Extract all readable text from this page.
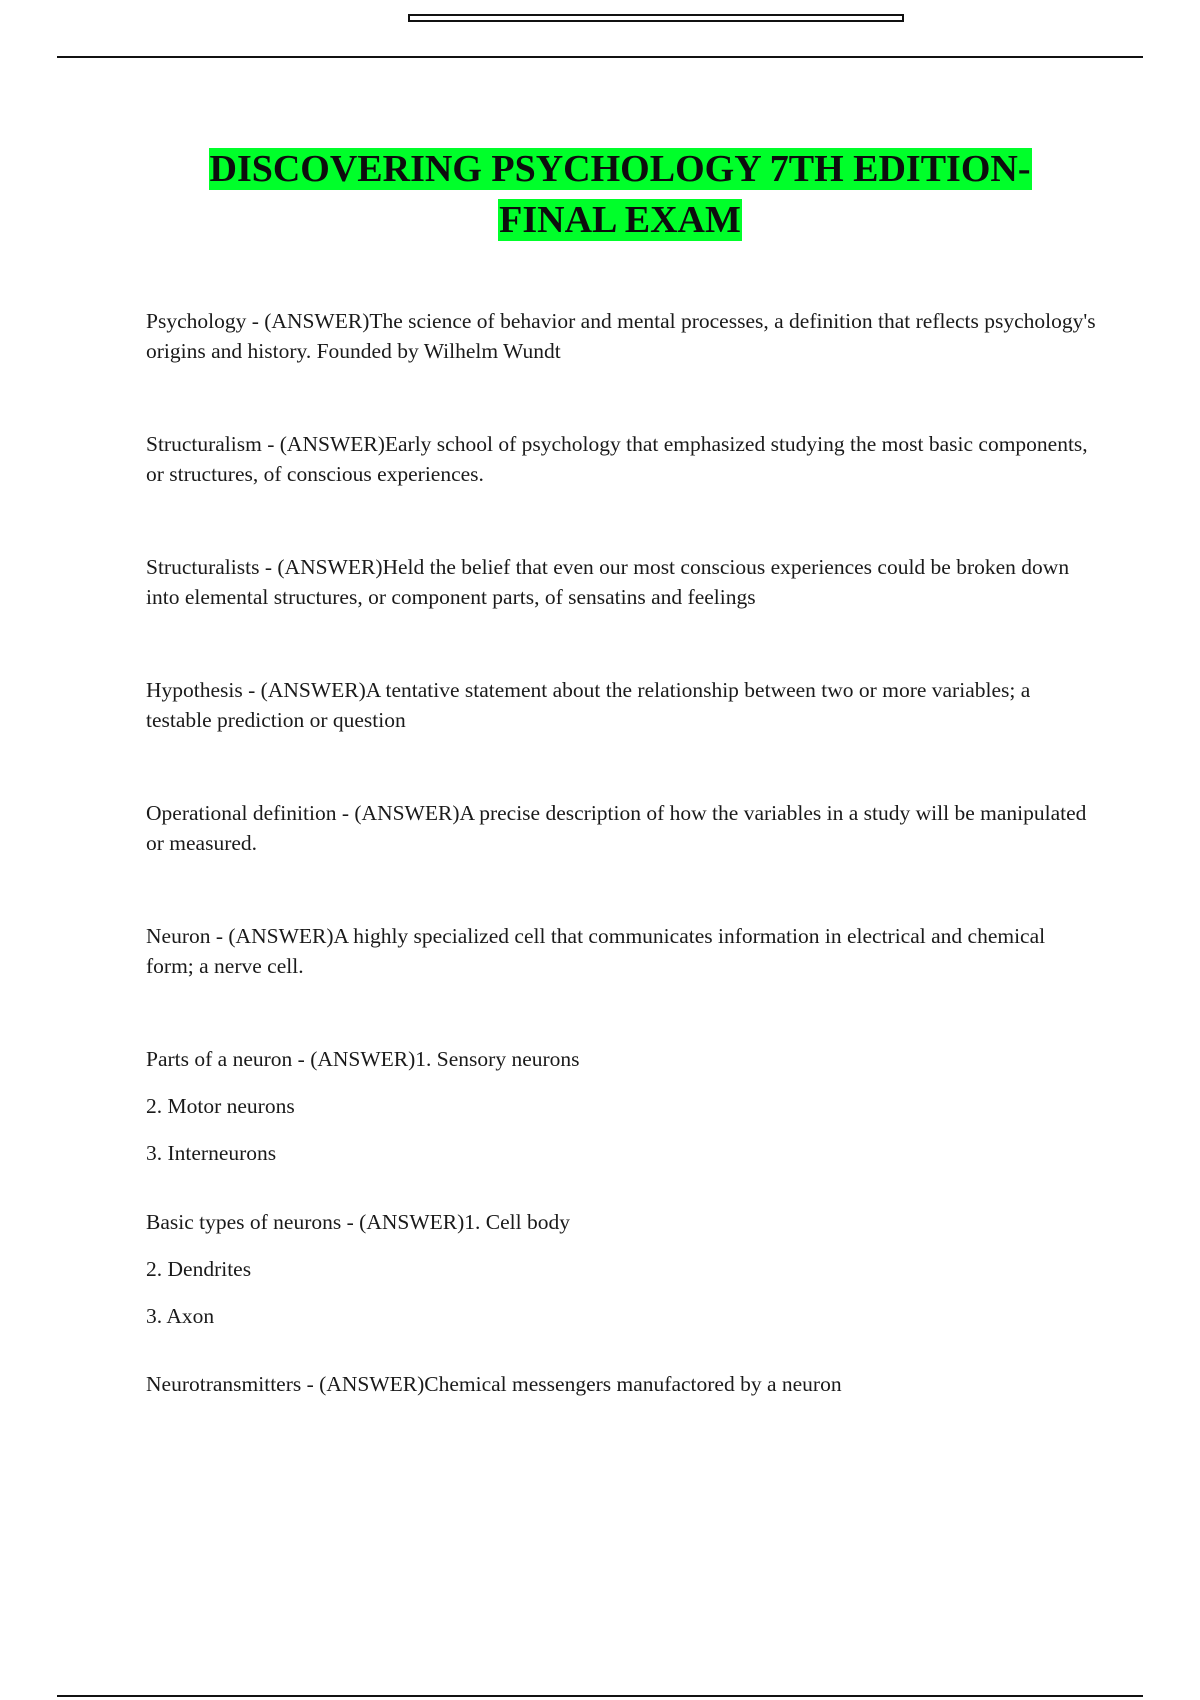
DISCOVERING PSYCHOLOGY 7TH EDITION-
FINAL EXAM

Psychology - (ANSWER)The science of behavior and mental processes, a definition that reflects psychology's origins and history. Founded by Wilhelm Wundt

Structuralism - (ANSWER)Early school of psychology that emphasized studying the most basic components, or structures, of conscious experiences.

Structuralists - (ANSWER)Held the belief that even our most conscious experiences could be broken down into elemental structures, or component parts, of sensatins and feelings

Hypothesis - (ANSWER)A tentative statement about the relationship between two or more variables; a testable prediction or question

Operational definition - (ANSWER)A precise description of how the variables in a study will be manipulated or measured.

Neuron - (ANSWER)A highly specialized cell that communicates information in electrical and chemical form; a nerve cell.

Parts of a neuron - (ANSWER)1. Sensory neurons

2. Motor neurons

3. Interneurons

Basic types of neurons - (ANSWER)1. Cell body

2. Dendrites

3. Axon

Neurotransmitters - (ANSWER)Chemical messengers manufactored by a neuron
